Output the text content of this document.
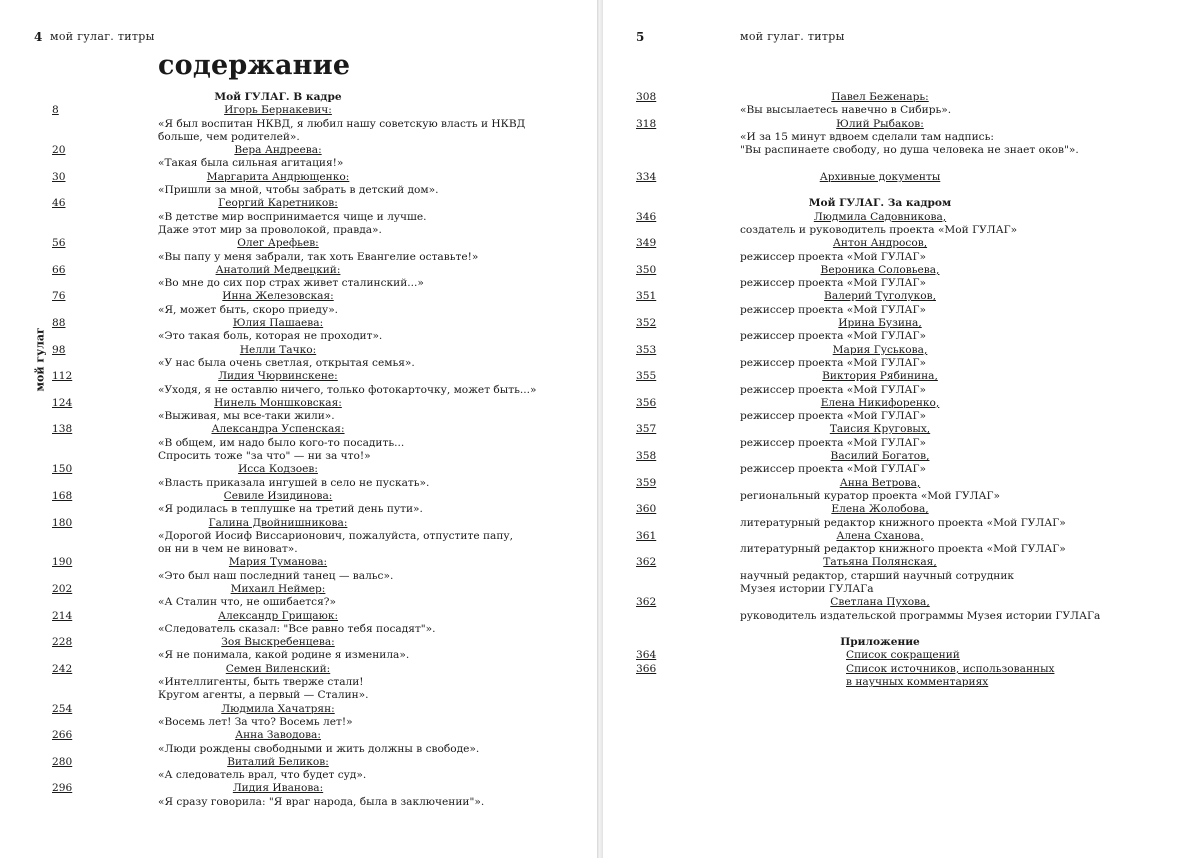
4 мой гулаг. титры
содержание
мой гулаг
Мой ГУЛАГ. В кадре
8	Игорь Бернакевич:
«Я был воспитан НКВД, я любил нашу советскую власть и НКВД
больше, чем родителей».
20	Вера Андреева:
«Такая была сильная агитация!»
30	Маргарита Андрющенко:
«Пришли за мной, чтобы забрать в детский дом».
46	Георгий Каретников:
«В детстве мир воспринимается чище и лучше.
Даже этот мир за проволокой, правда».
56	Олег Арефьев:
«Вы папу у меня забрали, так хоть Евангелие оставьте!»
66	Анатолий Медвецкий:
«Во мне до сих пор страх живет сталинский...»
76	Инна Железовская:
«Я, может быть, скоро приеду».
88	Юлия Пашаева:
«Это такая боль, которая не проходит».
98	Нелли Тачко:
«У нас была очень светлая, открытая семья».
112	Лидия Чюрвинскене:
«Уходя, я не оставлю ничего, только фотокарточку, может быть...»
124	Нинель Моншковская:
«Выживая, мы все-таки жили».
138	Александра Успенская:
«В общем, им надо было кого-то посадить...
Спросить тоже "за что" — ни за что!»
150	Исса Кодзоев:
«Власть приказала ингушей в село не пускать».
168	Севиле Изидинова:
«Я родилась в теплушке на третий день пути».
180	Галина Двойнишникова:
«Дорогой Иосиф Виссарионович, пожалуйста, отпустите папу,
он ни в чем не виноват».
190	Мария Туманова:
«Это был наш последний танец — вальс».
202	Михаил Неймер:
«А Сталин что, не ошибается?»
214	Александр Грищаюк:
«Следователь сказал: "Все равно тебя посадят"».
228	Зоя Выскребенцева:
«Я не понимала, какой родине я изменила».
242	Семен Виленский:
«Интеллигенты, быть тверже стали!
Кругом агенты, а первый — Сталин».
254	Людмила Хачатрян:
«Восемь лет! За что? Восемь лет!»
266	Анна Заводова:
«Люди рождены свободными и жить должны в свободе».
280	Виталий Беликов:
«А следователь врал, что будет суд».
296	Лидия Иванова:
«Я сразу говорила: "Я враг народа, была в заключении"».
5	мой гулаг. титры
308	Павел Беженарь:
«Вы высылаетесь навечно в Сибирь».
318	Юлий Рыбаков:
«И за 15 минут вдвоем сделали там надпись:
"Вы распинаете свободу, но душа человека не знает оков"».
334	Архивные документы
Мой ГУЛАГ. За кадром
346	Людмила Садовникова,
создатель и руководитель проекта «Мой ГУЛАГ»
349	Антон Андросов,
режиссер проекта «Мой ГУЛАГ»
350	Вероника Соловьева,
режиссер проекта «Мой ГУЛАГ»
351	Валерий Туголуков,
режиссер проекта «Мой ГУЛАГ»
352	Ирина Бузина,
режиссер проекта «Мой ГУЛАГ»
353	Мария Гуськова,
режиссер проекта «Мой ГУЛАГ»
355	Виктория Рябинина,
режиссер проекта «Мой ГУЛАГ»
356	Елена Никифоренко,
режиссер проекта «Мой ГУЛАГ»
357	Таисия Круговых,
режиссер проекта «Мой ГУЛАГ»
358	Василий Богатов,
режиссер проекта «Мой ГУЛАГ»
359	Анна Ветрова,
региональный куратор проекта «Мой ГУЛАГ»
360	Елена Жолобова,
литературный редактор книжного проекта «Мой ГУЛАГ»
361	Алена Сханова,
литературный редактор книжного проекта «Мой ГУЛАГ»
362	Татьяна Полянская,
научный редактор, старший научный сотрудник
Музея истории ГУЛАГа
362	Светлана Пухова,
руководитель издательской программы Музея истории ГУЛАГа
Приложение
364	Список сокращений
366	Список источников, использованных
в научных комментариях
